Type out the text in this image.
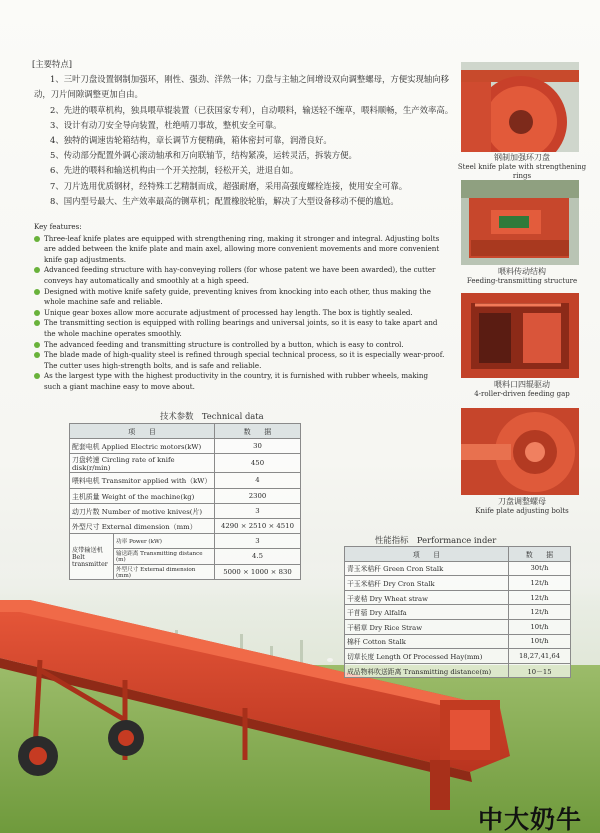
钢制加强环刀盘
Steel knife plate with strengthening rings
喂料传动结构
Feeding-transmitting structure
喂料口四辊驱动
4-roller-driven feeding gap
刀盘调整螺母
Knife plate adjusting bolts
[主要特点]
1、三叶刀盘设置钢制加强环，刚性、强劲、洋然一体；刀盘与主轴之间增设双向调整螺母，方便实现轴向移动，刀片间隙调整更加自由。
2、先进的喂草机构，独具喂草辊装置（已获国家专利），自动喂料，输送轻不缠草，喂料顺畅，生产效率高。
3、设计有动刀安全导向装置，杜绝啃刀事故，整机安全可靠。
4、独特的调速齿轮箱结构，章长调节方便精确，箱体密封可靠，润滑良好。
5、传动部分配置外调心滚动轴承和万向联轴节，结构紧凑，运转灵活，拆装方便。
6、先进的喂料和输送机构由一个开关控制，轻松开关，进退自如。
7、刀片选用优质钢材，经特殊工艺精制而成，超强耐磨，采用高强度螺栓连接，使用安全可靠。
8、国内型号最大、生产效率最高的铡草机；配置橡胶轮胎，解决了大型设备移动不便的尴尬。
Key features:
Three-leaf knife plates are equipped with strengthening ring, making it stronger and integral. Adjusting bolts are added between the knife plate and main axel, allowing more convenient movements and more convenient knife gap adjustments.
Advanced feeding structure with hay-conveying rollers (for whose patent we have been awarded), the cutter conveys hay automatically and smoothly at a high speed.
Designed with motive knife safety guide, preventing knives from knocking into each other, thus making the whole machine safe and reliable.
Unique gear boxes allow more accurate adjustment of processed hay length. The box is tightly sealed.
The transmitting section is equipped with rolling bearings and universal joints, so it is easy to take apart and the whole machine operates smoothly.
The advanced feeding and transmitting structure is controlled by a button, which is easy to control.
The blade made of high-quality steel is refined through special technical process, so it is especially wear-proof. The cutter uses high-strength bolts, and is safe and reliable.
As the largest type with the highest productivity in the country, it is furnished with rubber wheels, making such a giant machine easy to move about.
技术参数　Technical data
项　　目		数　　据
配套电机 Applied Electric motors(kW)		30
刀盘转速 Circling rate of knife disk(r/min)		450
喂料电机 Transmitor applied with（kW）		4
主机质量 Weight of the machine(kg)		2300
动刀片数 Number of motive knives(片)		3
外型尺寸 External dimension（mm）		4290 × 2510 × 4510
皮带输送机 Belt transmitter	功率 Power (kW)	3
	输送距离 Transmitting distance (m)	4.5
	外型尺寸 External dimension (mm)	5000 × 1000 × 830
性能指标　Performance inder
项　　目	数　　据
青玉米秸秆 Green Cron Stalk	30t/h
干玉米秸秆 Dry Cron Stalk	12t/h
干麦秸 Dry Wheat straw	12t/h
干苜蓿 Dry Alfalfa	12t/h
干稻草 Dry Rice Straw	10t/h
棉秆 Cotton Stalk	10t/h
切草长度 Length Of Processed Hay(mm)	18,27,41,64
成品物料吹送距离 Transmitting distance(m)	10－15
中大奶牛
